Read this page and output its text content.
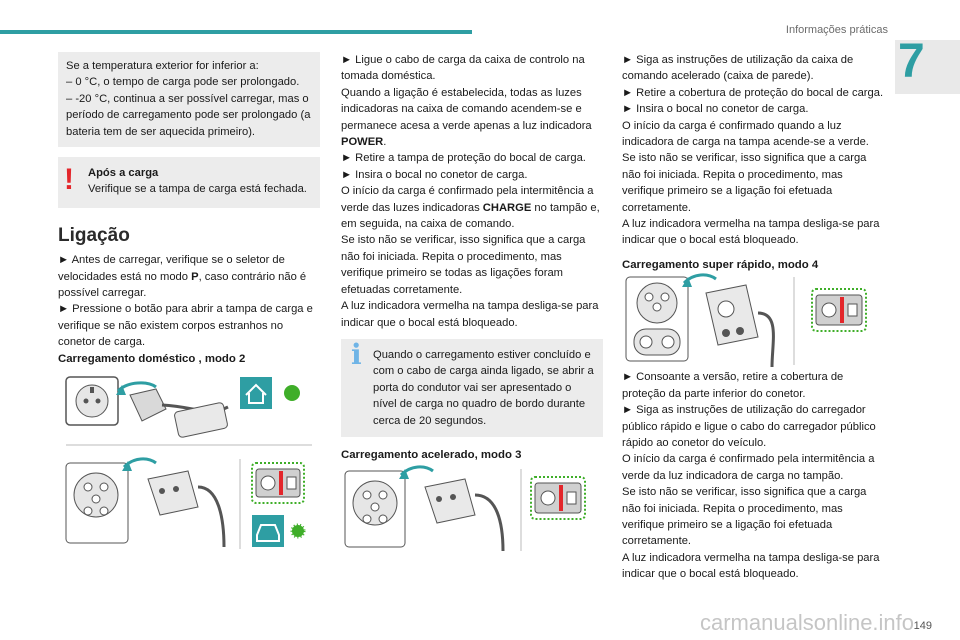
Informações práticas
7

Se a temperatura exterior for inferior a:

– 0 °C, o tempo de carga pode ser prolongado.

– -20 °C, continua a ser possível carregar, mas o período de carregamento pode ser prolongado (a bateria tem de ser aquecida primeiro).

!	Após a carga

Verifique se a tampa de carga está fechada.

Ligação

► Antes de carregar, verifique se o seletor de velocidades está no modo P, caso contrário não é possível carregar.

► Pressione o botão para abrir a tampa de carga e verifique se não existem corpos estranhos no conetor de carga.

Carregamento doméstico , modo 2

► Ligue o cabo de carga da caixa de controlo na tomada doméstica.

Quando a ligação é estabelecida, todas as luzes indicadoras na caixa de comando acendem-se e permanece acesa a verde apenas a luz indicadora POWER.

► Retire a tampa de proteção do bocal de carga.

► Insira o bocal no conetor de carga.

O início da carga é confirmado pela intermitência a verde das luzes indicadoras CHARGE no tampão e, em seguida, na caixa de comando.

Se isto não se verificar, isso significa que a carga não foi iniciada. Repita o procedimento, mas verifique primeiro se todas as ligações foram efetuadas corretamente.

A luz indicadora vermelha na tampa desliga-se para indicar que o bocal está bloqueado.

i Quando o carregamento estiver concluído e com o cabo de carga ainda ligado, se abrir a porta do condutor vai ser apresentado o nível de carga no quadro de bordo durante cerca de 20 segundos.

Carregamento acelerado, modo 3

► Siga as instruções de utilização da caixa de comando acelerado (caixa de parede).

► Retire a cobertura de proteção do bocal de carga.

► Insira o bocal no conetor de carga.

O início da carga é confirmado quando a luz indicadora de carga na tampa acende-se a verde.

Se isto não se verificar, isso significa que a carga não foi iniciada. Repita o procedimento, mas verifique primeiro se a ligação foi efetuada corretamente.

A luz indicadora vermelha na tampa desliga-se para indicar que o bocal está bloqueado.

Carregamento super rápido, modo 4

► Consoante a versão, retire a cobertura de proteção da parte inferior do conetor.

► Siga as instruções de utilização do carregador público rápido e ligue o cabo do carregador público rápido ao conetor do veículo.

O início da carga é confirmado pela intermitência a verde da luz indicadora de carga no tampão.

Se isto não se verificar, isso significa que a carga não foi iniciada. Repita o procedimento, mas verifique primeiro se a ligação foi efetuada corretamente.

A luz indicadora vermelha na tampa desliga-se para indicar que o bocal está bloqueado.

149
carmanualsonline.info
